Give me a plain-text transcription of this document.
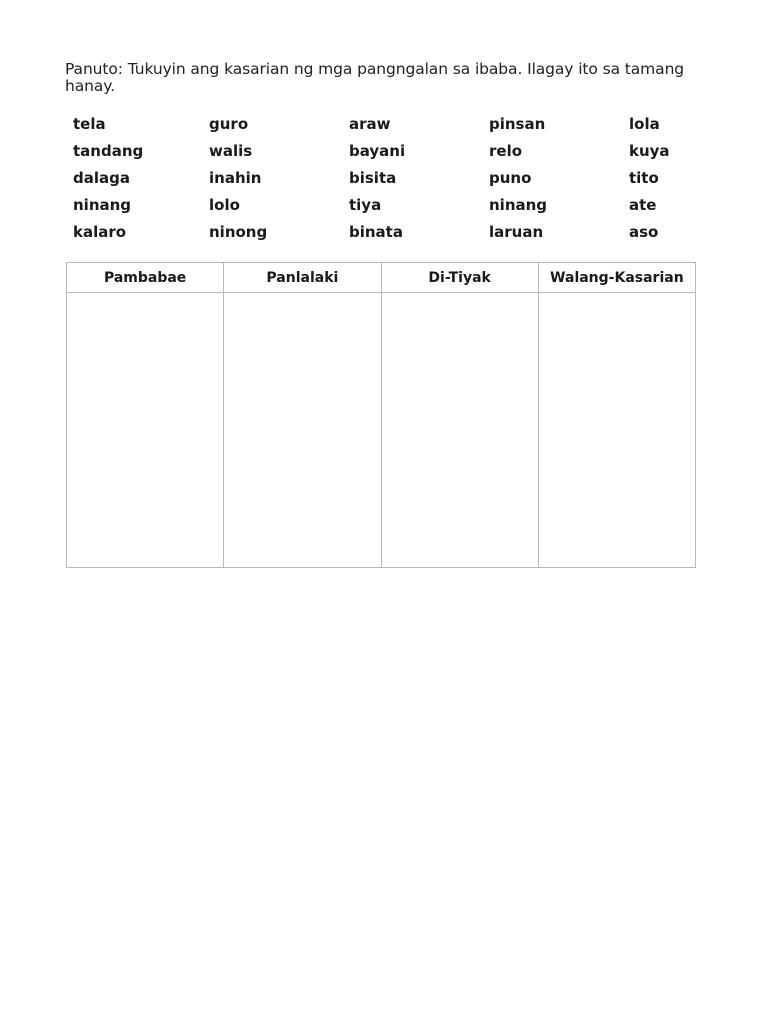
Panuto: Tukuyin ang kasarian ng mga pangngalan sa ibaba. Ilagay ito sa tamang hanay.
tela	guro	araw	pinsan	lola
tandang	walis	bayani	relo	kuya
dalaga	inahin	bisita	puno	tito
ninang	lolo	tiya	ninang	ate
kalaro	ninong	binata	laruan	aso
Pambabae	Panlalaki	Di-Tiyak	Walang-Kasarian
